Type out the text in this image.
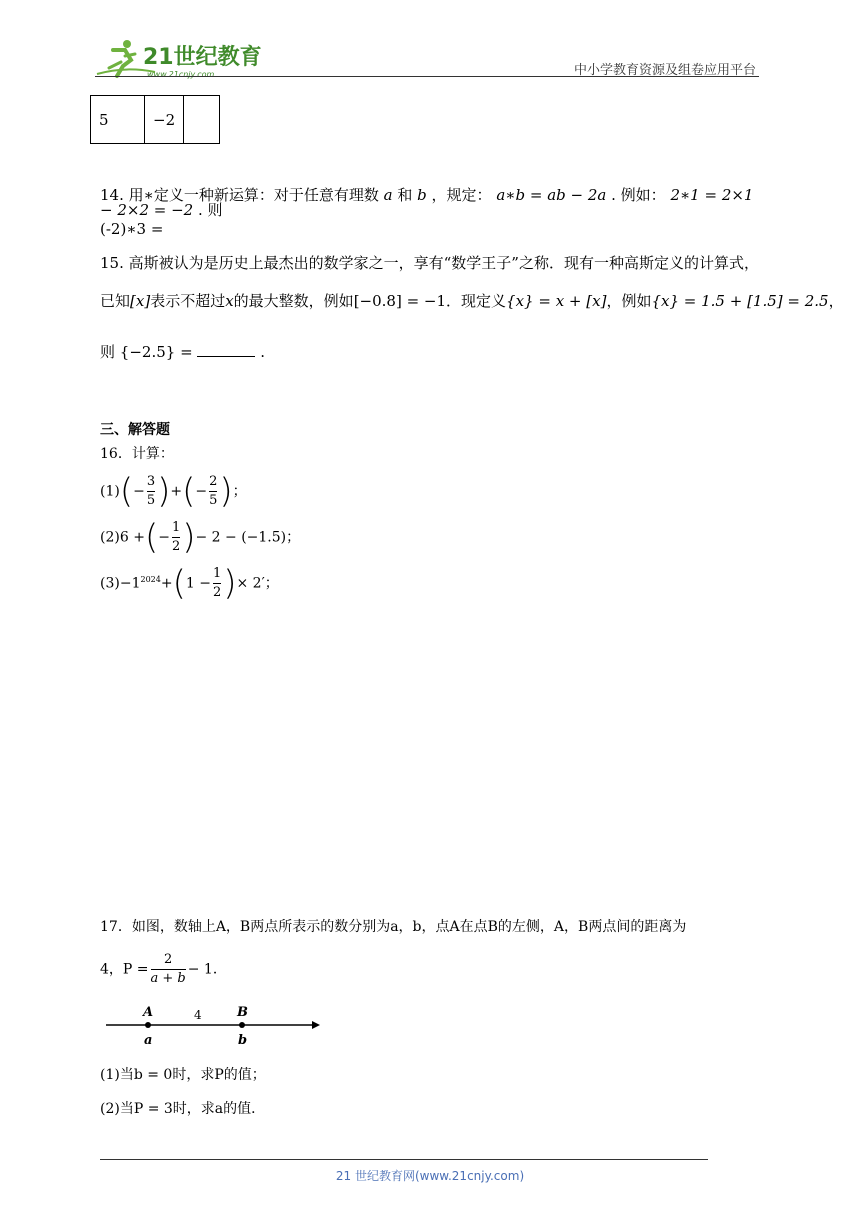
21世纪教育
www.21cnjy.com	中小学教育资源及组卷应用平台
5	−2	
14. 用∗定义一种新运算：对于任意有理数 a 和 b ，规定： a∗b = ab − 2a . 例如： 2∗1 = 2×1 − 2×2 = −2 . 则
(-2)∗3 =
15. 高斯被认为是历史上最杰出的数学家之一，享有“数学王子”之称．现有一种高斯定义的计算式，
已知[x]表示不超过x的最大整数，例如[−0.8] = −1．现定义{x} = x + [x]，例如{x} = 1.5 + [1.5] = 2.5，
则 {−2.5} =	.
三、解答题
16．计算：
$(1)(- \frac{3}{5}$ )+(− $\frac{2}{5}$ )；
(2)6 +(− $\frac{1}{2}$ )− 2 − (−1.5)；
$(3)-1^{2024}+(1 - \frac{1}{2}$ )× 2′；
17．如图，数轴上A，B两点所表示的数分别为a，b，点A在点B的左侧，A，B两点间的距离为
4，$P = \frac{2}{a + b} - 1$．
A	B
4
a	b
(1)当b = 0时，求P的值；
(2)当P = 3时，求a的值．
21 世纪教育网(www.21cnjy.com)
